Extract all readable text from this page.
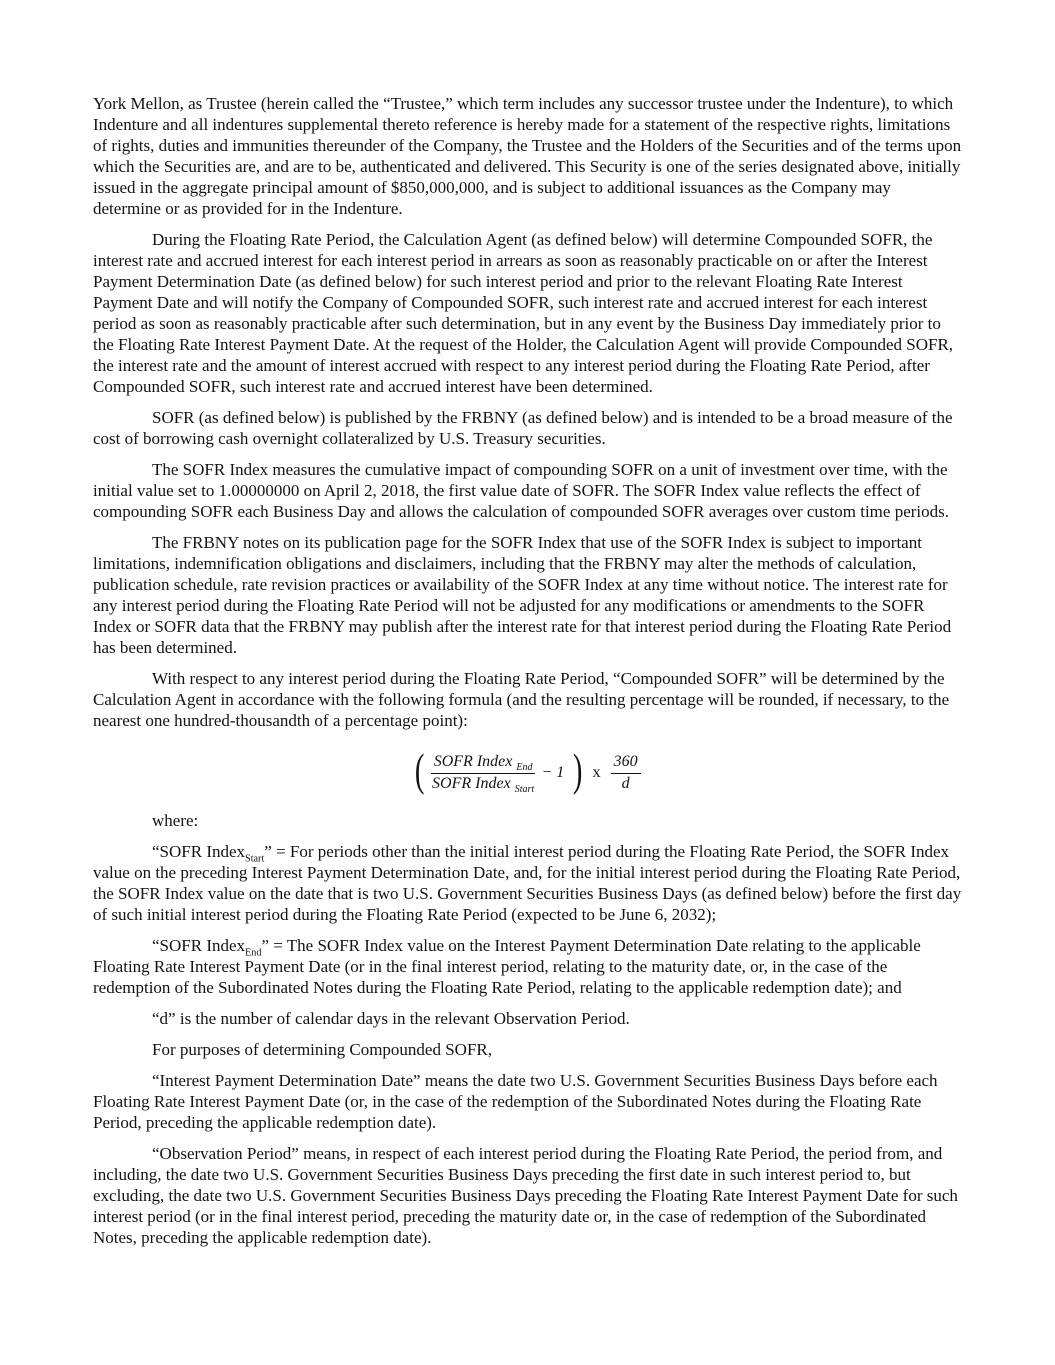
York Mellon, as Trustee (herein called the “Trustee,” which term includes any successor trustee under the Indenture), to which Indenture and all indentures supplemental thereto reference is hereby made for a statement of the respective rights, limitations of rights, duties and immunities thereunder of the Company, the Trustee and the Holders of the Securities and of the terms upon which the Securities are, and are to be, authenticated and delivered. This Security is one of the series designated above, initially issued in the aggregate principal amount of $850,000,000, and is subject to additional issuances as the Company may determine or as provided for in the Indenture.

During the Floating Rate Period, the Calculation Agent (as defined below) will determine Compounded SOFR, the interest rate and accrued interest for each interest period in arrears as soon as reasonably practicable on or after the Interest Payment Determination Date (as defined below) for such interest period and prior to the relevant Floating Rate Interest Payment Date and will notify the Company of Compounded SOFR, such interest rate and accrued interest for each interest period as soon as reasonably practicable after such determination, but in any event by the Business Day immediately prior to the Floating Rate Interest Payment Date. At the request of the Holder, the Calculation Agent will provide Compounded SOFR, the interest rate and the amount of interest accrued with respect to any interest period during the Floating Rate Period, after Compounded SOFR, such interest rate and accrued interest have been determined.

SOFR (as defined below) is published by the FRBNY (as defined below) and is intended to be a broad measure of the cost of borrowing cash overnight collateralized by U.S. Treasury securities.

The SOFR Index measures the cumulative impact of compounding SOFR on a unit of investment over time, with the initial value set to 1.00000000 on April 2, 2018, the first value date of SOFR. The SOFR Index value reflects the effect of compounding SOFR each Business Day and allows the calculation of compounded SOFR averages over custom time periods.

The FRBNY notes on its publication page for the SOFR Index that use of the SOFR Index is subject to important limitations, indemnification obligations and disclaimers, including that the FRBNY may alter the methods of calculation, publication schedule, rate revision practices or availability of the SOFR Index at any time without notice. The interest rate for any interest period during the Floating Rate Period will not be adjusted for any modifications or amendments to the SOFR Index or SOFR data that the FRBNY may publish after the interest rate for that interest period during the Floating Rate Period has been determined.

With respect to any interest period during the Floating Rate Period, “Compounded SOFR” will be determined by the Calculation Agent in accordance with the following formula (and the resulting percentage will be rounded, if necessary, to the nearest one hundred-thousandth of a percentage point):

( $\frac{SOFR Index _{End}}{SOFR Index _{Start}} - 1$ ) x $\frac{360}{d}$

where:

“SOFR Index$_{Start}$” = For periods other than the initial interest period during the Floating Rate Period, the SOFR Index value on the preceding Interest Payment Determination Date, and, for the initial interest period during the Floating Rate Period, the SOFR Index value on the date that is two U.S. Government Securities Business Days (as defined below) before the first day of such initial interest period during the Floating Rate Period (expected to be June 6, 2032);

“SOFR Index$_{End}$” = The SOFR Index value on the Interest Payment Determination Date relating to the applicable Floating Rate Interest Payment Date (or in the final interest period, relating to the maturity date, or, in the case of the redemption of the Subordinated Notes during the Floating Rate Period, relating to the applicable redemption date); and

“d” is the number of calendar days in the relevant Observation Period.

For purposes of determining Compounded SOFR,

“Interest Payment Determination Date” means the date two U.S. Government Securities Business Days before each Floating Rate Interest Payment Date (or, in the case of the redemption of the Subordinated Notes during the Floating Rate Period, preceding the applicable redemption date).

“Observation Period” means, in respect of each interest period during the Floating Rate Period, the period from, and including, the date two U.S. Government Securities Business Days preceding the first date in such interest period to, but excluding, the date two U.S. Government Securities Business Days preceding the Floating Rate Interest Payment Date for such interest period (or in the final interest period, preceding the maturity date or, in the case of redemption of the Subordinated Notes, preceding the applicable redemption date).
